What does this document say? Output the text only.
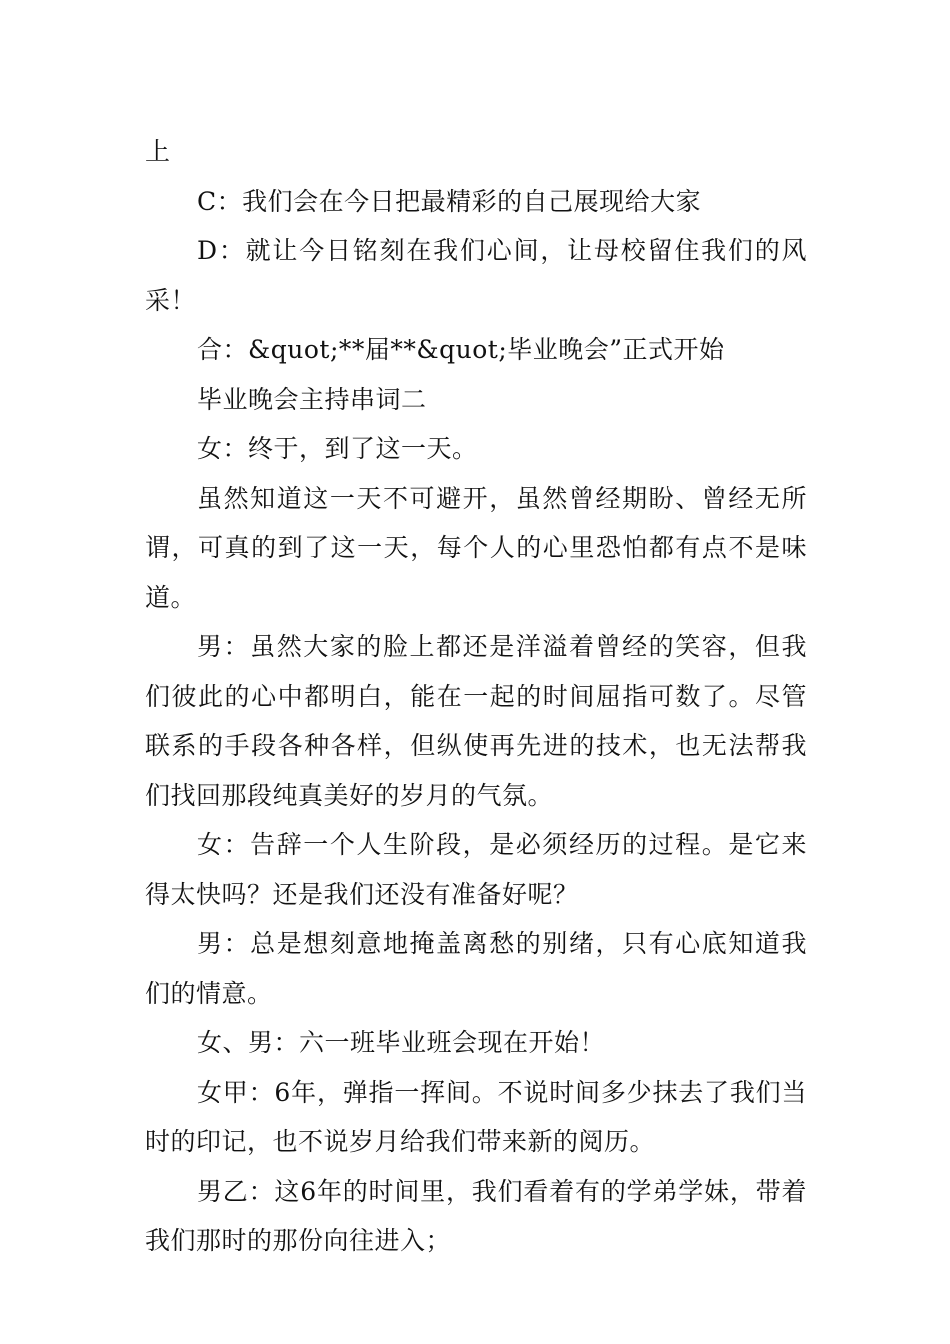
上

C：我们会在今日把最精彩的自己展现给大家

D：就让今日铭刻在我们心间，让母校留住我们的风采！

合：&quot;**届**&quot;毕业晚会”正式开始

毕业晚会主持串词二

女：终于，到了这一天。

虽然知道这一天不可避开，虽然曾经期盼、曾经无所谓，可真的到了这一天，每个人的心里恐怕都有点不是味道。

男：虽然大家的脸上都还是洋溢着曾经的笑容，但我们彼此的心中都明白，能在一起的时间屈指可数了。尽管联系的手段各种各样，但纵使再先进的技术，也无法帮我们找回那段纯真美好的岁月的气氛。

女：告辞一个人生阶段，是必须经历的过程。是它来得太快吗？还是我们还没有准备好呢？

男：总是想刻意地掩盖离愁的别绪，只有心底知道我们的情意。

女、男：六一班毕业班会现在开始！

女甲：6年，弹指一挥间。不说时间多少抹去了我们当时的印记，也不说岁月给我们带来新的阅历。

男乙：这6年的时间里，我们看着有的学弟学妹，带着我们那时的那份向往进入；
